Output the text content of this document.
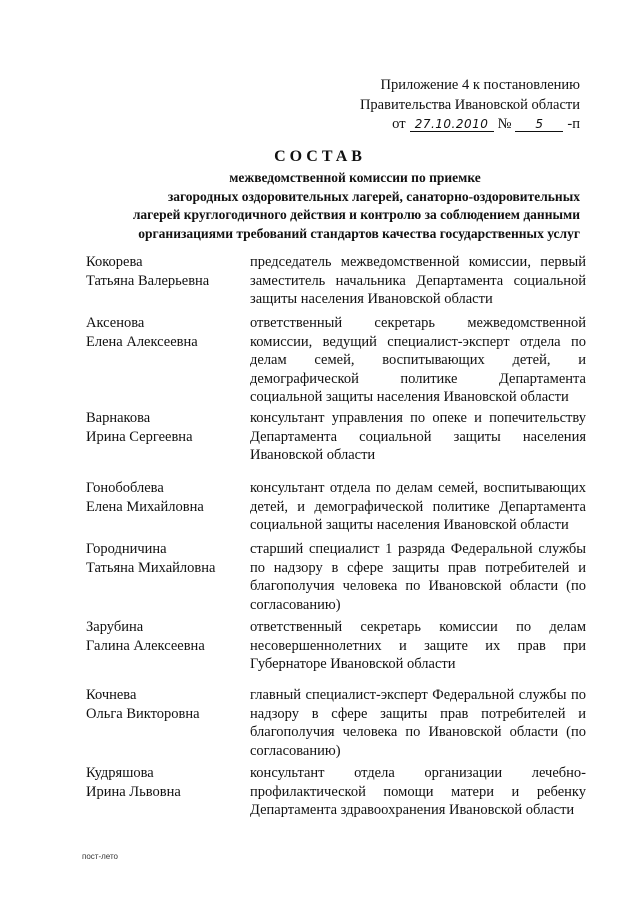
Приложение 4 к постановлению
Правительства Ивановской области
от 27.10.2010 №	5	-п
СОСТАВ
межведомственной комиссии по приемке
загородных оздоровительных лагерей, санаторно-оздоровительных
лагерей круглогодичного действия и контролю за соблюдением данными
организациями требований стандартов качества государственных услуг
Кокорева
Татьяна Валерьевна
председатель межведомственной комиссии, первый заместитель начальника Департамента социальной защиты населения Ивановской области
Аксенова
Елена Алексеевна
ответственный секретарь межведомственной комиссии, ведущий специалист-эксперт отдела по делам семей, воспитывающих детей, и демографической политике Департамента социальной защиты населения Ивановской области
Варнакова
Ирина Сергеевна
консультант управления по опеке и попечительству Департамента социальной защиты населения Ивановской области
Гонобоблева
Елена Михайловна
консультант отдела по делам семей, воспитывающих детей, и демографической политике Департамента социальной защиты населения Ивановской области
Городничина
Татьяна Михайловна
старший специалист 1 разряда Федеральной службы по надзору в сфере защиты прав потребителей и благополучия человека по Ивановской области (по согласованию)
Зарубина
Галина Алексеевна
ответственный секретарь комиссии по делам несовершеннолетних и защите их прав при Губернаторе Ивановской области
Кочнева
Ольга Викторовна
главный специалист-эксперт Федеральной службы по надзору в сфере защиты прав потребителей и благополучия человека по Ивановской области (по согласованию)
Кудряшова
Ирина Львовна
консультант отдела организации лечебно-профилактической помощи матери и ребенку Департамента здравоохранения Ивановской области
пост-лето
